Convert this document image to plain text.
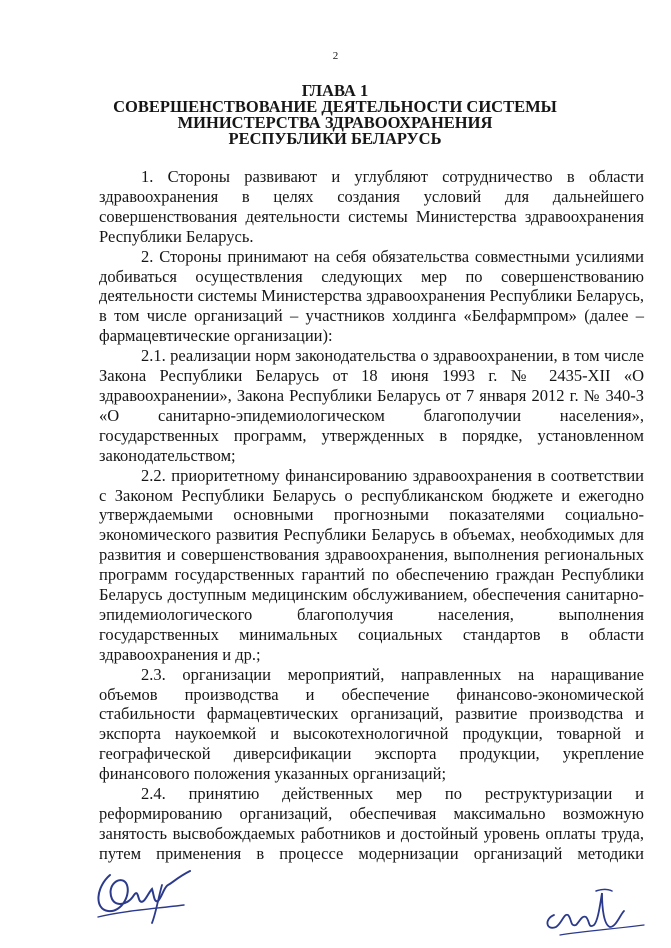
2
ГЛАВА 1
СОВЕРШЕНСТВОВАНИЕ ДЕЯТЕЛЬНОСТИ СИСТЕМЫ
МИНИСТЕРСТВА ЗДРАВООХРАНЕНИЯ
РЕСПУБЛИКИ БЕЛАРУСЬ

1. Стороны развивают и углубляют сотрудничество в области здравоохранения в целях создания условий для дальнейшего совершенствования деятельности системы Министерства здравоохранения Республики Беларусь.

2. Стороны принимают на себя обязательства совместными усилиями добиваться осуществления следующих мер по совершенствованию деятельности системы Министерства здравоохранения Республики Беларусь, в том числе организаций – участников холдинга «Белфармпром» (далее – фармацевтические организации):

2.1. реализации норм законодательства о здравоохранении, в том числе Закона Республики Беларусь от 18 июня 1993 г. № 2435-XII «О здравоохранении», Закона Республики Беларусь от 7 января 2012 г. № 340-З «О санитарно-эпидемиологическом благополучии населения», государственных программ, утвержденных в порядке, установленном законодательством;

2.2. приоритетному финансированию здравоохранения в соответствии с Законом Республики Беларусь о республиканском бюджете и ежегодно утверждаемыми основными прогнозными показателями социально-экономического развития Республики Беларусь в объемах, необходимых для развития и совершенствования здравоохранения, выполнения региональных программ государственных гарантий по обеспечению граждан Республики Беларусь доступным медицинским обслуживанием, обеспечения санитарно-эпидемиологического благополучия населения, выполнения государственных минимальных социальных стандартов в области здравоохранения и др.;

2.3. организации мероприятий, направленных на наращивание объемов производства и обеспечение финансово-экономической стабильности фармацевтических организаций, развитие производства и экспорта наукоемкой и высокотехнологичной продукции, товарной и географической диверсификации экспорта продукции, укрепление финансового положения указанных организаций;

2.4. принятию действенных мер по реструктуризации и реформированию организаций, обеспечивая максимально возможную занятость высвобождаемых работников и достойный уровень оплаты труда, путем применения в процессе модернизации организаций методики
